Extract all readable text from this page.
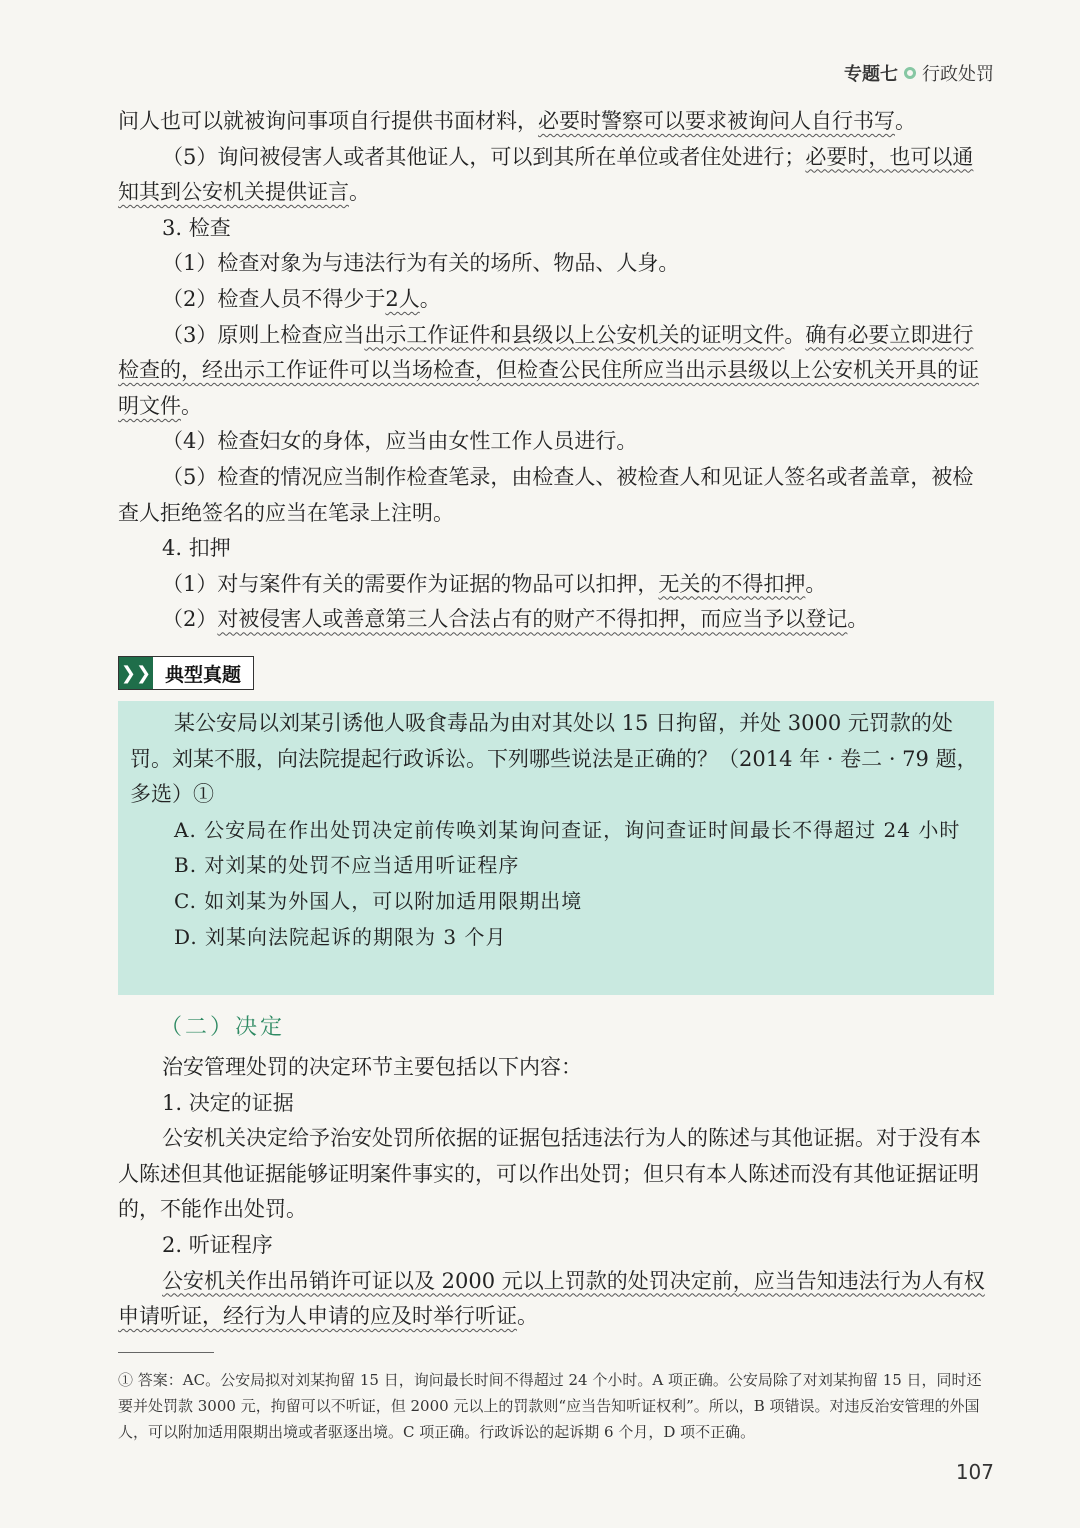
专题七 行政处罚

问人也可以就被询问事项自行提供书面材料，必要时警察可以要求被询问人自行书写。

（5）询问被侵害人或者其他证人，可以到其所在单位或者住处进行；必要时，也可以通知其到公安机关提供证言。

3. 检查

（1）检查对象为与违法行为有关的场所、物品、人身。

（2）检查人员不得少于2人。

（3）原则上检查应当出示工作证件和县级以上公安机关的证明文件。确有必要立即进行检查的，经出示工作证件可以当场检查，但检查公民住所应当出示县级以上公安机关开具的证明文件。

（4）检查妇女的身体，应当由女性工作人员进行。

（5）检查的情况应当制作检查笔录，由检查人、被检查人和见证人签名或者盖章，被检查人拒绝签名的应当在笔录上注明。

4. 扣押

（1）对与案件有关的需要作为证据的物品可以扣押，无关的不得扣押。

（2）对被侵害人或善意第三人合法占有的财产不得扣押，而应当予以登记。

❯❯ 典型真题

某公安局以刘某引诱他人吸食毒品为由对其处以 15 日拘留，并处 3000 元罚款的处罚。刘某不服，向法院提起行政诉讼。下列哪些说法是正确的？（2014 年 · 卷二 · 79 题，多选）①

A. 公安局在作出处罚决定前传唤刘某询问查证，询问查证时间最长不得超过 24 小时

B. 对刘某的处罚不应当适用听证程序

C. 如刘某为外国人，可以附加适用限期出境

D. 刘某向法院起诉的期限为 3 个月

（二）决定

治安管理处罚的决定环节主要包括以下内容：

1. 决定的证据

公安机关决定给予治安处罚所依据的证据包括违法行为人的陈述与其他证据。对于没有本人陈述但其他证据能够证明案件事实的，可以作出处罚；但只有本人陈述而没有其他证据证明的，不能作出处罚。

2. 听证程序

公安机关作出吊销许可证以及 2000 元以上罚款的处罚决定前，应当告知违法行为人有权申请听证，经行为人申请的应及时举行听证。

① 答案：AC。公安局拟对刘某拘留 15 日，询问最长时间不得超过 24 个小时。A 项正确。公安局除了对刘某拘留 15 日，同时还要并处罚款 3000 元，拘留可以不听证，但 2000 元以上的罚款则“应当告知听证权利”。所以，B 项错误。对违反治安管理的外国人，可以附加适用限期出境或者驱逐出境。C 项正确。行政诉讼的起诉期 6 个月，D 项不正确。
107
